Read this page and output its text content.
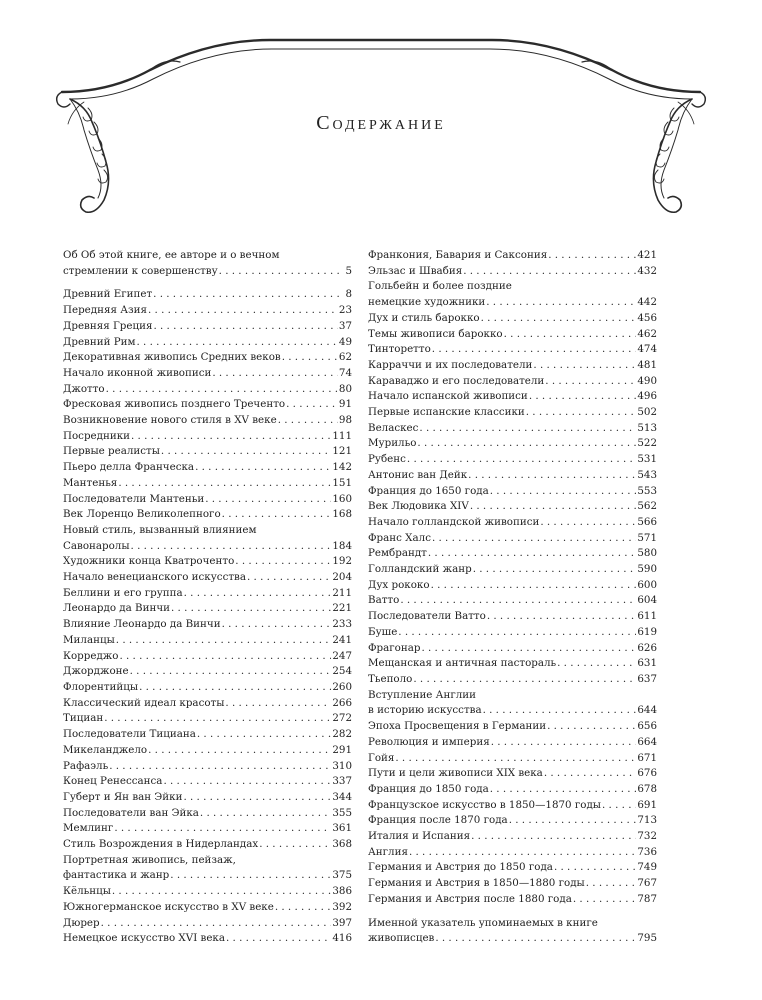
Содержание
Об Об этой книге, ее авторе и о вечном
стремлении к совершенству . . .	5
Древний Египет . . .	8
Передняя Азия . . .	23
Древняя Греция . . .	37
Древний Рим . . .	49
Декоративная живопись Средних веков . . .	62
Начало иконной живописи . . .	74
Джотто . . .	80
Фресковая живопись позднего Треченто . . .	91
Возникновение нового стиля в XV веке . . .	98
Посредники . . .	111
Первые реалисты . . .	121
Пьеро делла Франческа . . .	142
Мантенья . . .	151
Последователи Мантеньи . . .	160
Век Лоренцо Великолепного . . .	168
Новый стиль, вызванный влиянием
Савонаролы . . .	184
Художники конца Кватроченто . . .	192
Начало венецианского искусства . . .	204
Беллини и его группа . . .	211
Леонардо да Винчи . . .	221
Влияние Леонардо да Винчи . . .	233
Миланцы . . .	241
Корреджо . . .	247
Джорджоне . . .	254
Флорентийцы . . .	260
Классический идеал красоты . . .	266
Тициан . . .	272
Последователи Тициана . . .	282
Микеланджело . . .	291
Рафаэль . . .	310
Конец Ренессанса . . .	337
Губерт и Ян ван Эйки . . .	344
Последователи ван Эйка . . .	355
Мемлинг . . .	361
Стиль Возрождения в Нидерландах . . .	368
Портретная живопись, пейзаж,
фантастика и жанр . . .	375
Кёльнцы . . .	386
Южногерманское искусство в XV веке . . .	392
Дюрер . . .	397
Немецкое искусство XVI века . . .	416
Франкония, Бавария и Саксония . . .	421
Эльзас и Швабия . . .	432
Гольбейн и более поздние
немецкие художники . . .	442
Дух и стиль барокко . . .	456
Темы живописи барокко . . .	462
Тинторетто . . .	474
Карраччи и их последователи . . .	481
Караваджо и его последователи . . .	490
Начало испанской живописи . . .	496
Первые испанские классики . . .	502
Веласкес . . .	513
Мурильо . . .	522
Рубенс . . .	531
Антонис ван Дейк . . .	543
Франция до 1650 года . . .	553
Век Людовика XIV . . .	562
Начало голландской живописи . . .	566
Франс Халс . . .	571
Рембрандт . . .	580
Голландский жанр . . .	590
Дух рококо . . .	600
Ватто . . .	604
Последователи Ватто . . .	611
Буше . . .	619
Фрагонар . . .	626
Мещанская и античная пастораль . . .	631
Тьеполо . . .	637
Вступление Англии
в историю искусства . . .	644
Эпоха Просвещения в Германии . . .	656
Революция и империя . . .	664
Гойя . . .	671
Пути и цели живописи XIX века . . .	676
Франция до 1850 года . . .	678
Французское искусство в 1850—1870 годы . . .	691
Франция после 1870 года . . .	713
Италия и Испания . . .	732
Англия . . .	736
Германия и Австрия до 1850 года . . .	749
Германия и Австрия в 1850—1880 годы . . .	767
Германия и Австрия после 1880 года . . .	787
Именной указатель упоминаемых в книге
живописцев . . .	795
